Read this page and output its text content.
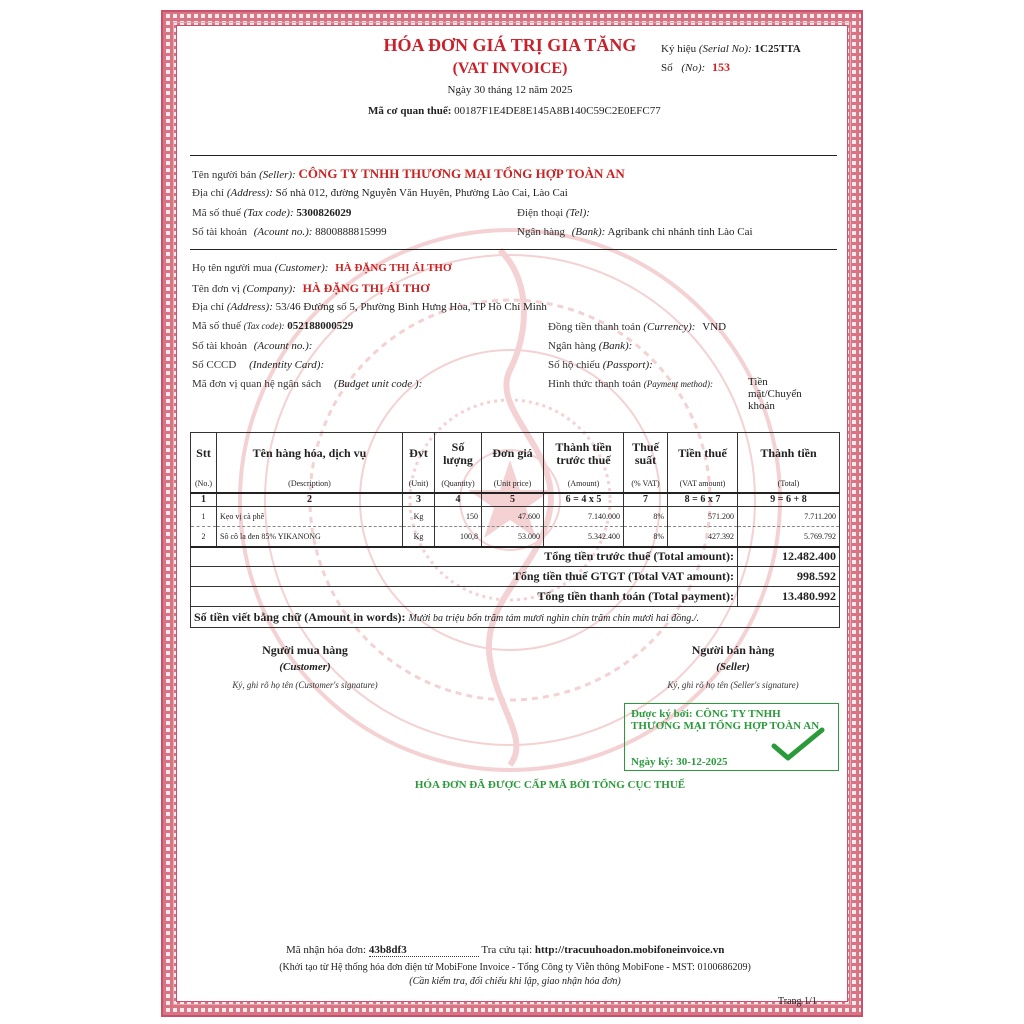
HÓA ĐƠN GIÁ TRỊ GIA TĂNG
(VAT INVOICE)
Ngày 30 tháng 12 năm 2025
Mã cơ quan thuế: 00187F1E4DE8E145A8B140C59C2E0EFC77
Ký hiệu (Serial No): 1C25TTA
Số (No): 153
Tên người bán (Seller): CÔNG TY TNHH THƯƠNG MẠI TỔNG HỢP TOÀN AN
Địa chỉ (Address): Số nhà 012, đường Nguyễn Văn Huyên, Phường Lào Cai, Lào Cai
Mã số thuế (Tax code): 5300826029	Điện thoại (Tel):
Số tài khoản (Acount no.): 8800888815999	Ngân hàng (Bank): Agribank chi nhánh tỉnh Lào Cai
Họ tên người mua (Customer): HÀ ĐẶNG THỊ ÁI THƠ
Tên đơn vị (Company): HÀ ĐẶNG THỊ ÁI THƠ
Địa chỉ (Address): 53/46 Đường số 5, Phường Bình Hưng Hòa, TP Hồ Chí Minh
Mã số thuế (Tax code): 052188000529	Đồng tiền thanh toán (Currency): VND
Số tài khoản (Acount no.):	Ngân hàng (Bank):
Số CCCD (Indentity Card):	Số hộ chiếu (Passport):
Mã đơn vị quan hệ ngân sách (Budget unit code ):	Hình thức thanh toán (Payment method):	Tiền mặt/Chuyển khoản
Stt	Tên hàng hóa, dịch vụ	Đvt	Số lượng	Đơn giá	Thành tiền trước thuế	Thuế suất	Tiền thuế	Thành tiền
(No.)	(Description)	(Unit)	(Quantity)	(Unit price)	(Amount)	(% VAT)	(VAT amount)	(Total)
1	2	3	4	5	6 = 4 x 5	7	8 = 6 x 7	9 = 6 + 8
1	Kẹo vị cà phê	Kg	150	47.600	7.140.000	8%	571.200	7.711.200
2	Sô cô la đen 85% YIKANONG	Kg	100,8	53.000	5.342.400	8%	427.392	5.769.792
Tổng tiền trước thuế (Total amount):								12.482.400
Tổng tiền thuế GTGT (Total VAT amount):								998.592
Tổng tiền thanh toán (Total payment):								13.480.992
Số tiền viết bằng chữ (Amount in words): Mười ba triệu bốn trăm tám mươi nghìn chín trăm chín mươi hai đồng./.								
Người mua hàng
(Customer)
Ký, ghi rõ họ tên (Customer's signature)
Người bán hàng
(Seller)
Ký, ghi rõ họ tên (Seller's signature)
Được ký bởi: CÔNG TY TNHH THƯƠNG MẠI TỔNG HỢP TOÀN AN
Ngày ký: 30-12-2025
HÓA ĐƠN ĐÃ ĐƯỢC CẤP MÃ BỞI TỔNG CỤC THUẾ
Mã nhận hóa đơn: 43b8df3	Tra cứu tại: http://tracuuhoadon.mobifoneinvoice.vn
(Khởi tạo từ Hệ thống hóa đơn điện tử MobiFone Invoice - Tổng Công ty Viễn thông MobiFone - MST: 0100686209)
(Cần kiểm tra, đối chiếu khi lập, giao nhận hóa đơn)
Trang 1/1
